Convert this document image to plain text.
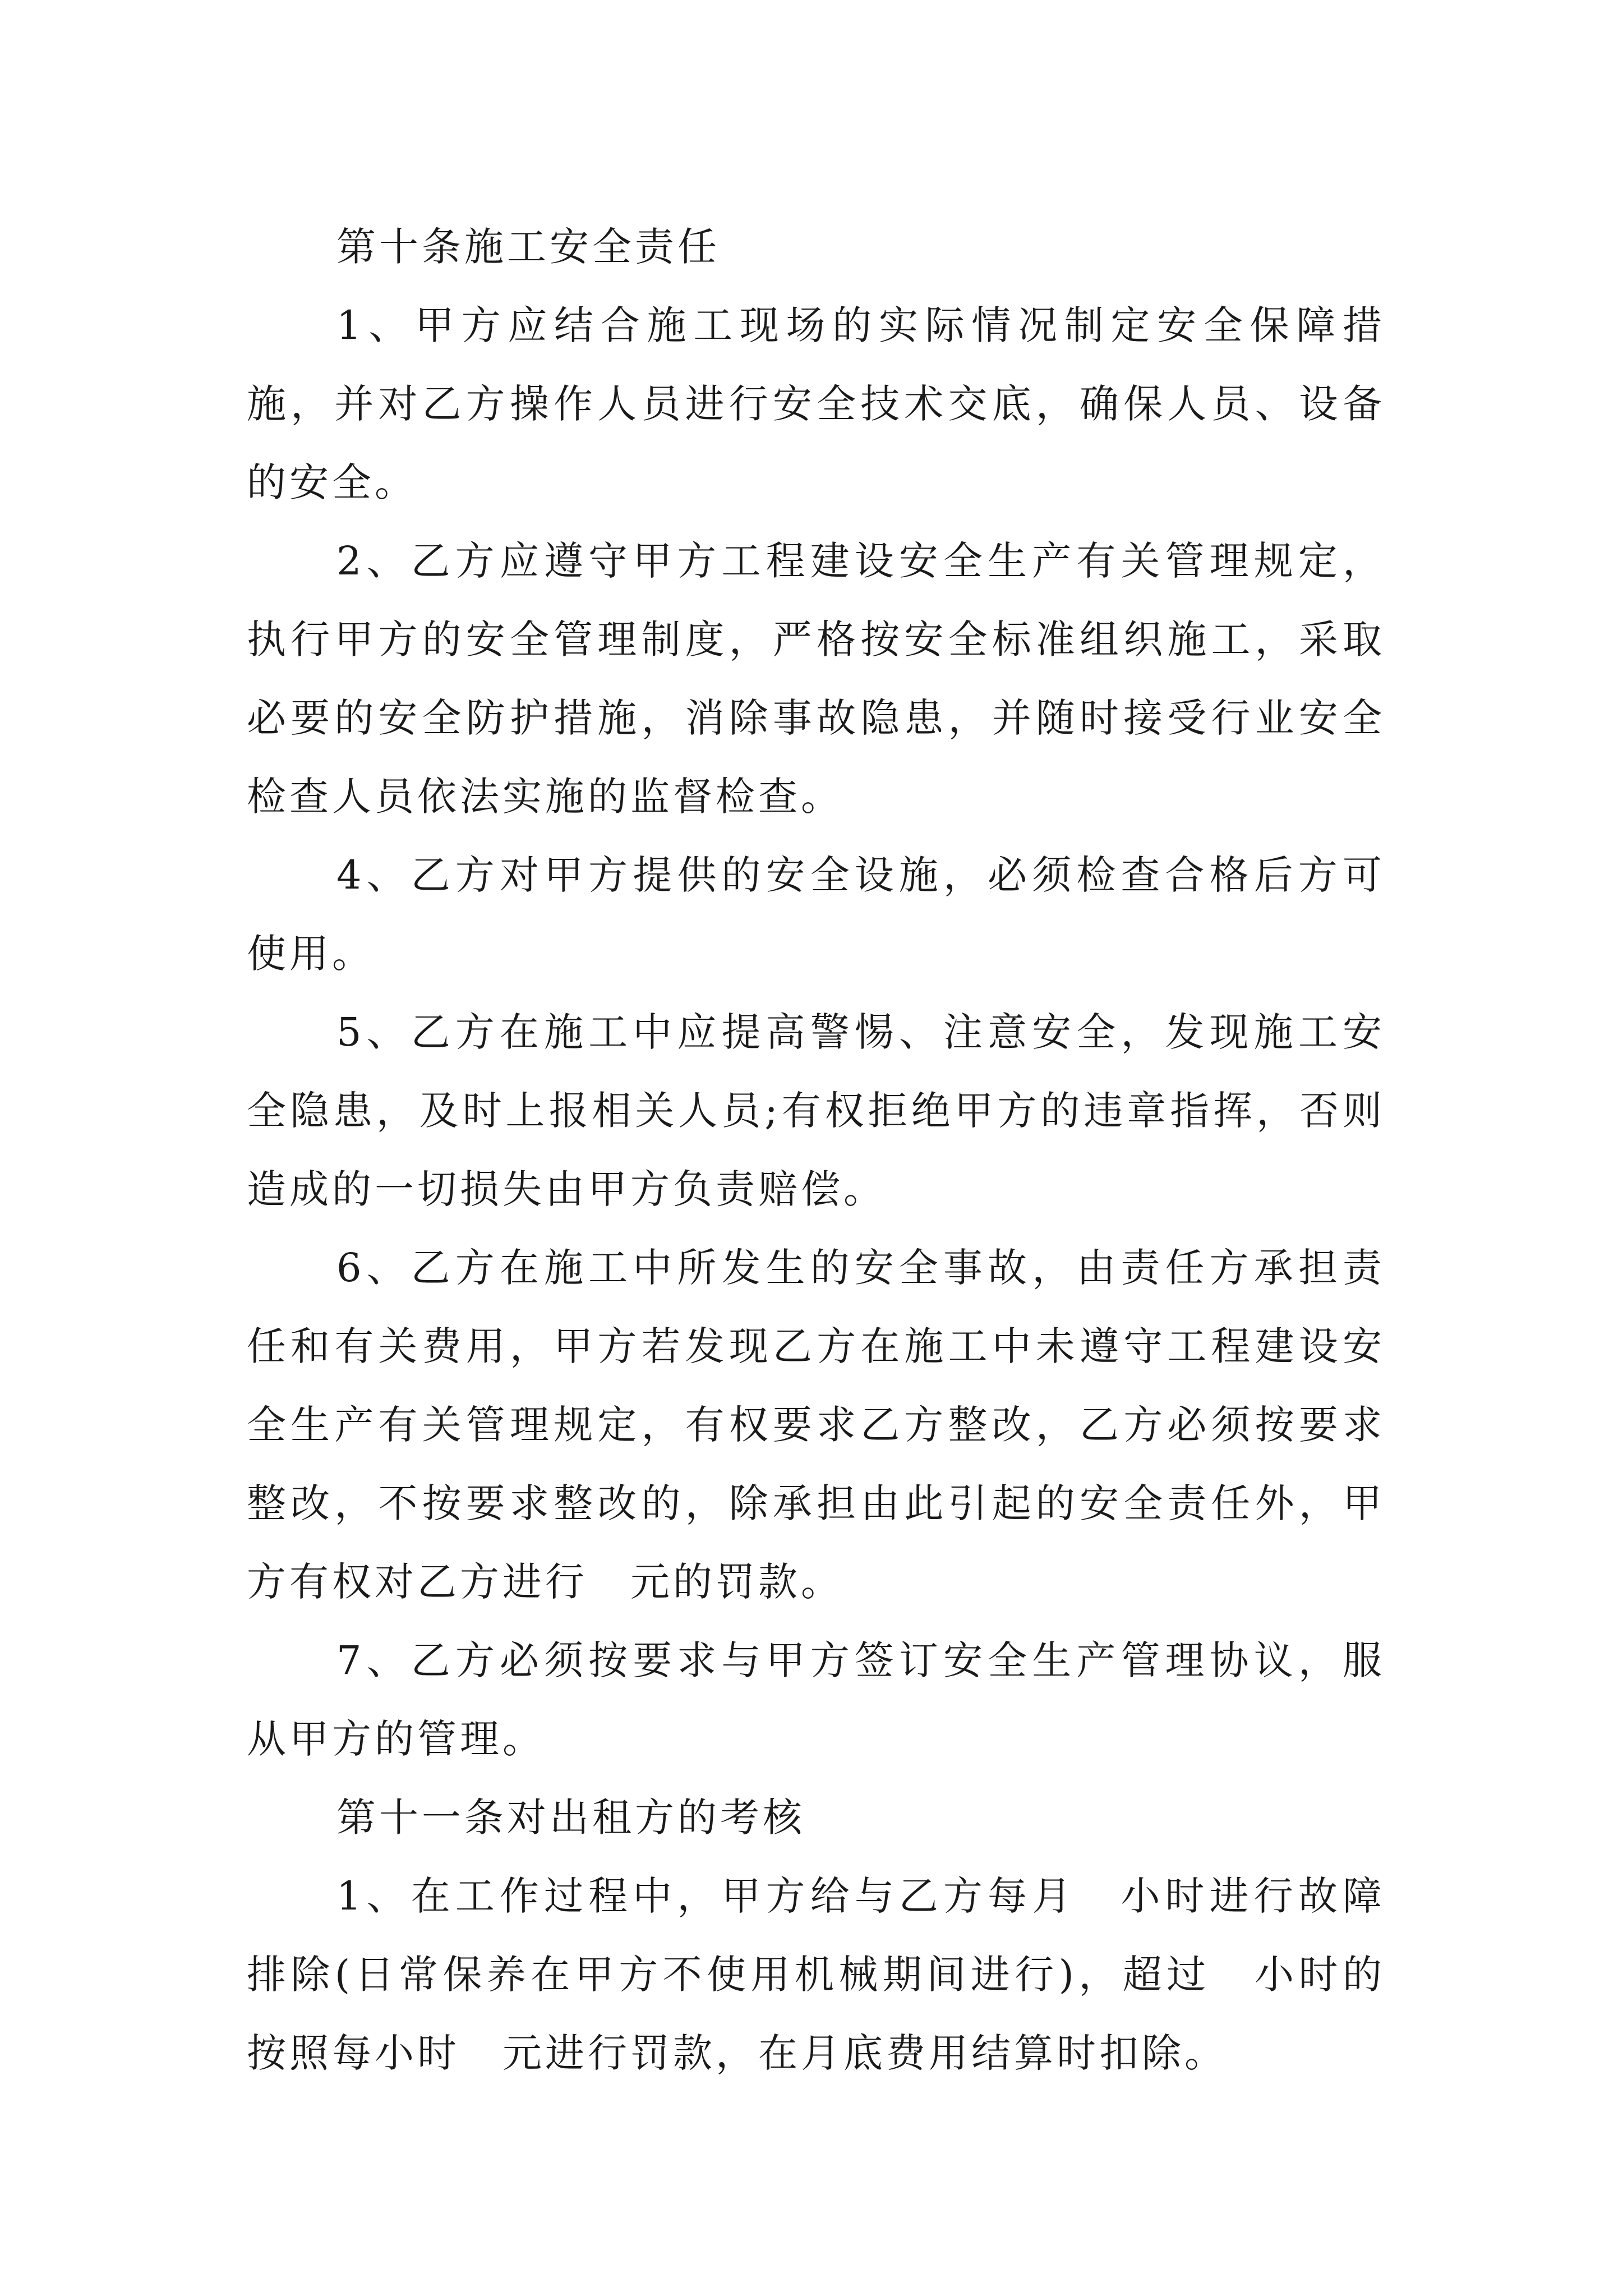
第十条施工安全责任

1、甲方应结合施工现场的实际情况制定安全保障措施，并对乙方操作人员进行安全技术交底，确保人员、设备的安全。

2、乙方应遵守甲方工程建设安全生产有关管理规定，执行甲方的安全管理制度，严格按安全标准组织施工，采取必要的安全防护措施，消除事故隐患，并随时接受行业安全检查人员依法实施的监督检查。

4、乙方对甲方提供的安全设施，必须检查合格后方可使用。

5、乙方在施工中应提高警惕、注意安全，发现施工安全隐患，及时上报相关人员;有权拒绝甲方的违章指挥，否则造成的一切损失由甲方负责赔偿。

6、乙方在施工中所发生的安全事故，由责任方承担责任和有关费用，甲方若发现乙方在施工中未遵守工程建设安全生产有关管理规定，有权要求乙方整改，乙方必须按要求整改，不按要求整改的，除承担由此引起的安全责任外，甲方有权对乙方进行　元的罚款。

7、乙方必须按要求与甲方签订安全生产管理协议，服从甲方的管理。

第十一条对出租方的考核

1、在工作过程中，甲方给与乙方每月　小时进行故障排除(日常保养在甲方不使用机械期间进行)，超过　小时的按照每小时　元进行罚款，在月底费用结算时扣除。
